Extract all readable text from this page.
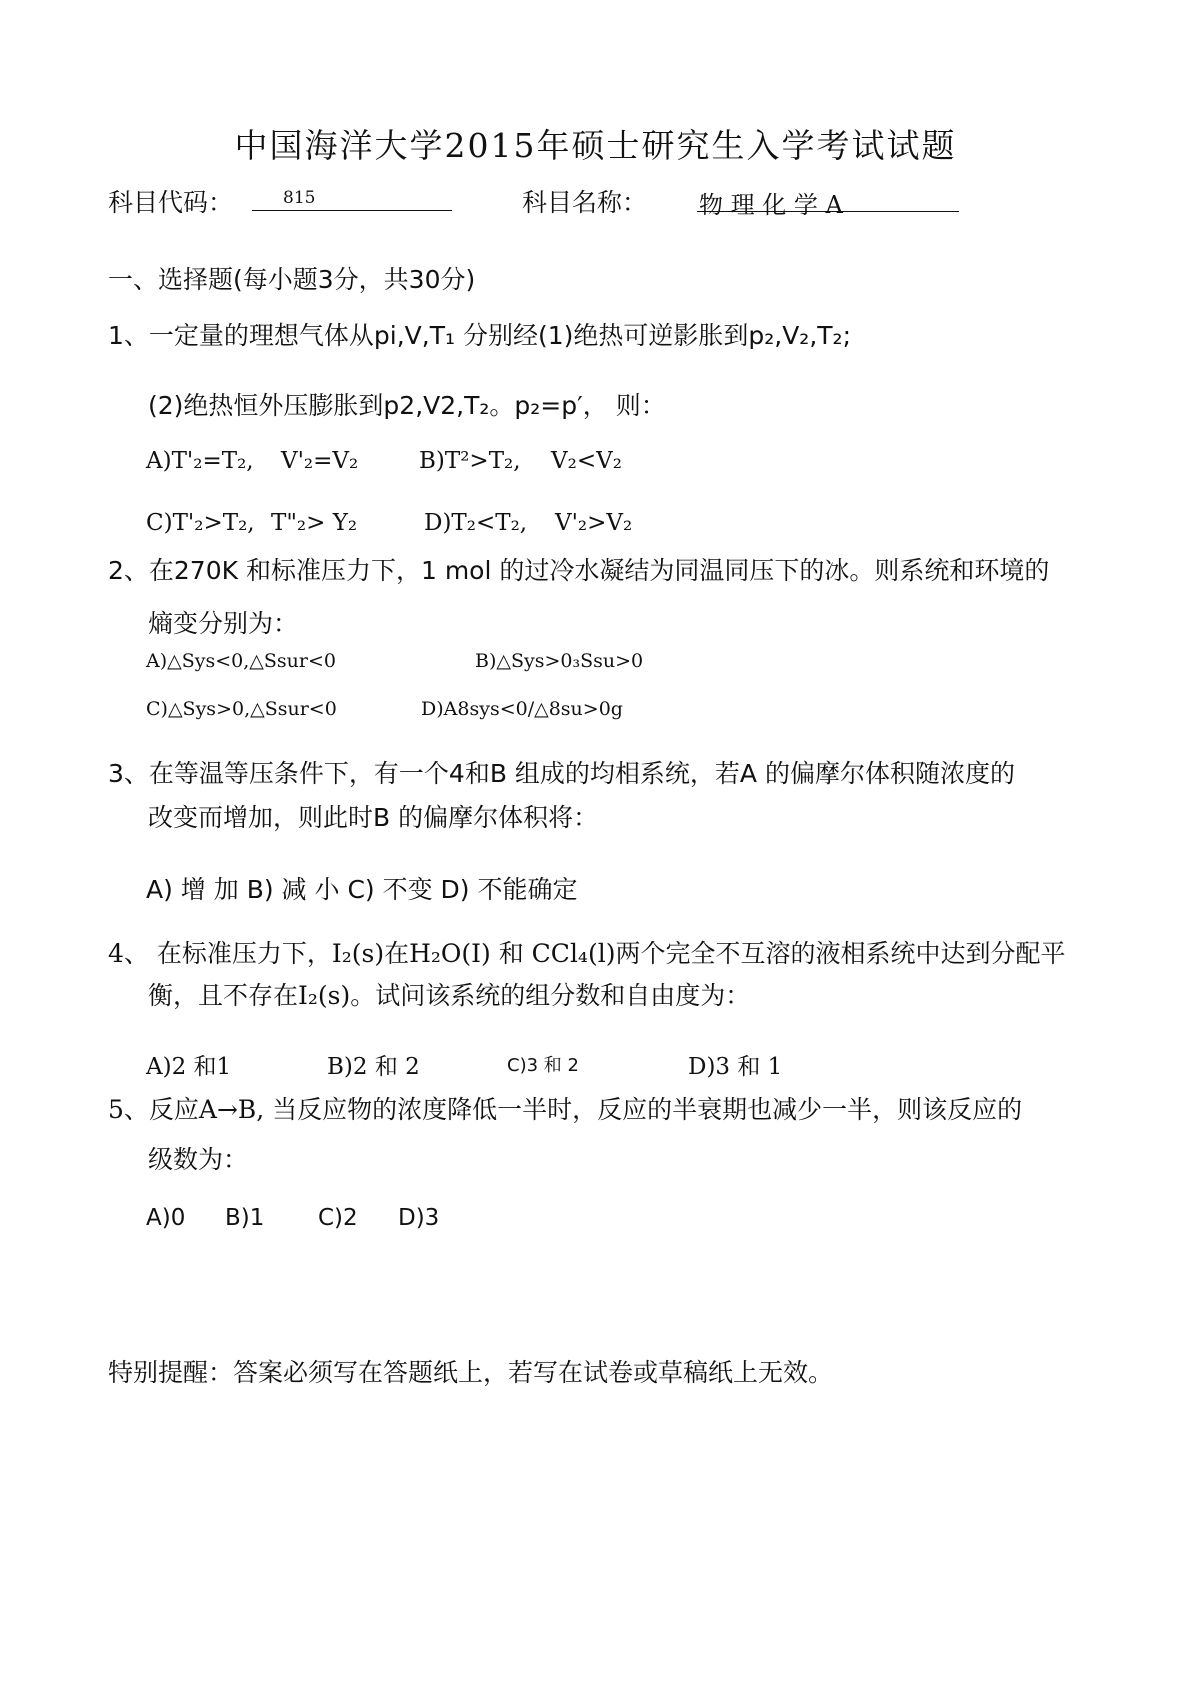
中国海洋大学2015年硕士研究生入学考试试题
科目代码：	815	科目名称： 物 理 化 学 A
一、选择题(每小题3分，共30分)
1、一定量的理想气体从pi,V,T₁ 分别经(1)绝热可逆影胀到p₂,V₂,T₂;
(2)绝热恒外压膨胀到p2,V2,T₂。p₂=p′， 则：
A)T'₂=T₂, V'₂=V₂	B)T²>T₂, V₂<V₂
C)T'₂>T₂, T"₂> Y₂	D)T₂<T₂, V'₂>V₂
2、在270K 和标准压力下，1 mol 的过冷水凝结为同温同压下的冰。则系统和环境的
熵变分别为：
A)△Sys<0,△Ssur<0	B)△Sys>0₃Ssu>0
C)△Sys>0,△Ssur<0	D)A8sys<0/△8su>0g
3、在等温等压条件下，有一个4和B 组成的均相系统，若A 的偏摩尔体积随浓度的
改变而增加，则此时B 的偏摩尔体积将：
A) 增 加 B) 减 小 C) 不变 D) 不能确定
4、 在标准压力下，I₂(s)在H₂O(I) 和 CCl₄(l)两个完全不互溶的液相系统中达到分配平
衡，且不存在I₂(s)。试问该系统的组分数和自由度为：
A)2 和1	B)2 和 2	C)3 和 2	D)3 和 1
5、反应A→B, 当反应物的浓度降低一半时，反应的半衰期也减少一半，则该反应的
级数为：
A)0 B)1 C)2 D)3
特别提醒：答案必须写在答题纸上，若写在试卷或草稿纸上无效。
